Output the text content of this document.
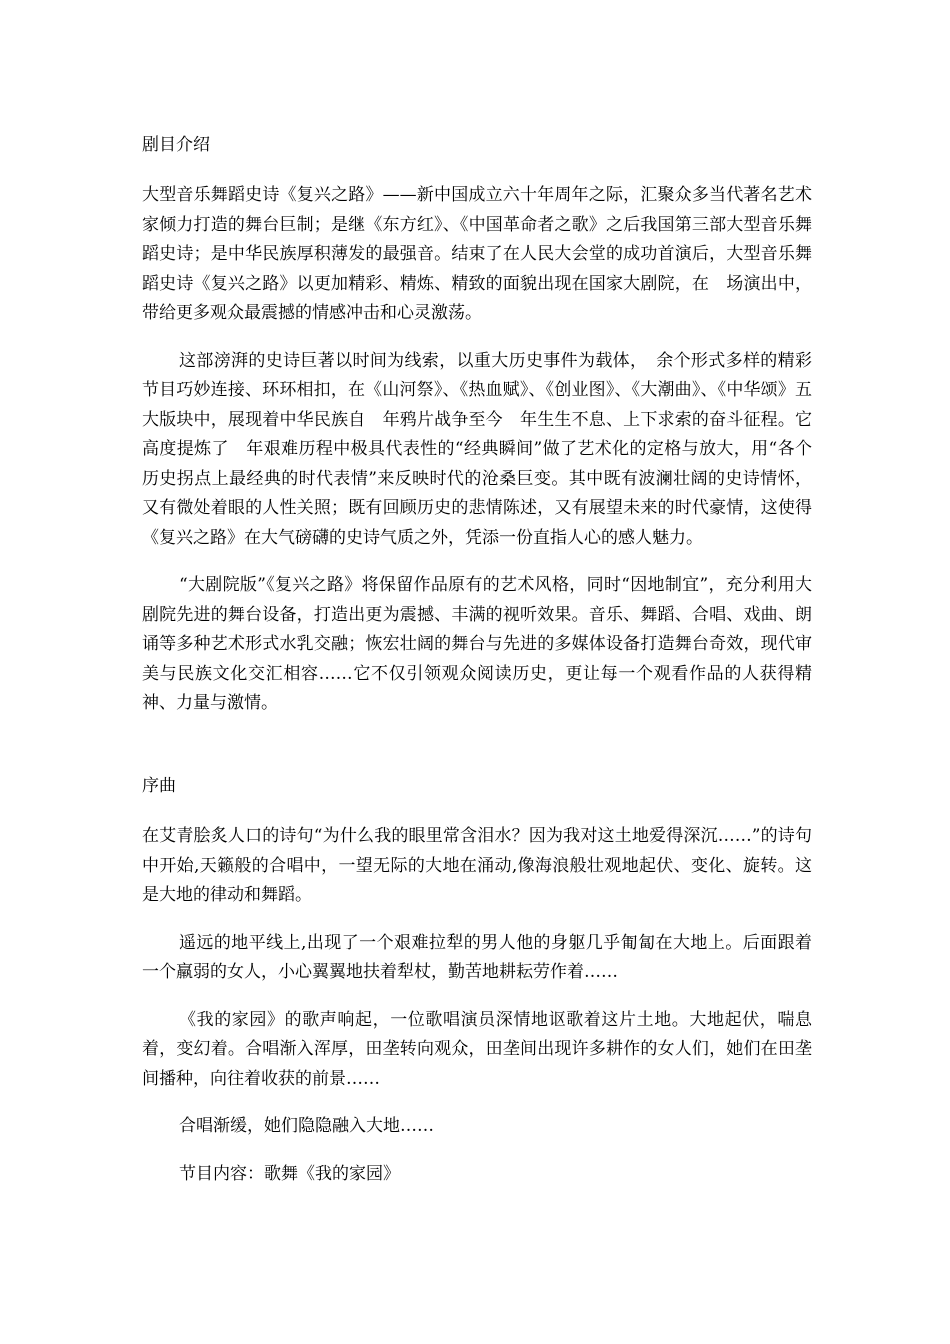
剧目介绍

大型音乐舞蹈史诗《复兴之路》——新中国成立六十年周年之际，汇聚众多当代著名艺术家倾力打造的舞台巨制；是继《东方红》、《中国革命者之歌》之后我国第三部大型音乐舞蹈史诗；是中华民族厚积薄发的最强音。结束了在人民大会堂的成功首演后，大型音乐舞蹈史诗《复兴之路》以更加精彩、精炼、精致的面貌出现在国家大剧院，在　场演出中，带给更多观众最震撼的情感冲击和心灵激荡。

这部滂湃的史诗巨著以时间为线索，以重大历史事件为载体，　余个形式多样的精彩节目巧妙连接、环环相扣，在《山河祭》、《热血赋》、《创业图》、《大潮曲》、《中华颂》五大版块中，展现着中华民族自　年鸦片战争至今　年生生不息、上下求索的奋斗征程。它高度提炼了　年艰难历程中极具代表性的“经典瞬间”做了艺术化的定格与放大，用“各个历史拐点上最经典的时代表情”来反映时代的沧桑巨变。其中既有波澜壮阔的史诗情怀，又有微处着眼的人性关照；既有回顾历史的悲情陈述，又有展望未来的时代豪情，这使得《复兴之路》在大气磅礴的史诗气质之外，凭添一份直指人心的感人魅力。

“大剧院版”《复兴之路》将保留作品原有的艺术风格，同时“因地制宜”，充分利用大剧院先进的舞台设备，打造出更为震撼、丰满的视听效果。音乐、舞蹈、合唱、戏曲、朗诵等多种艺术形式水乳交融；恢宏壮阔的舞台与先进的多媒体设备打造舞台奇效，现代审美与民族文化交汇相容……它不仅引领观众阅读历史，更让每一个观看作品的人获得精神、力量与激情。

序曲

在艾青脍炙人口的诗句“为什么我的眼里常含泪水？因为我对这土地爱得深沉……”的诗句中开始,天籁般的合唱中，一望无际的大地在涌动,像海浪般壮观地起伏、变化、旋转。这是大地的律动和舞蹈。

遥远的地平线上,出现了一个艰难拉犁的男人他的身躯几乎匍匐在大地上。后面跟着一个羸弱的女人，小心翼翼地扶着犁杖，勤苦地耕耘劳作着……

《我的家园》的歌声响起，一位歌唱演员深情地讴歌着这片土地。大地起伏，喘息着，变幻着。合唱渐入浑厚，田垄转向观众，田垄间出现许多耕作的女人们，她们在田垄间播种，向往着收获的前景……

合唱渐缓，她们隐隐融入大地……

节目内容：歌舞《我的家园》
